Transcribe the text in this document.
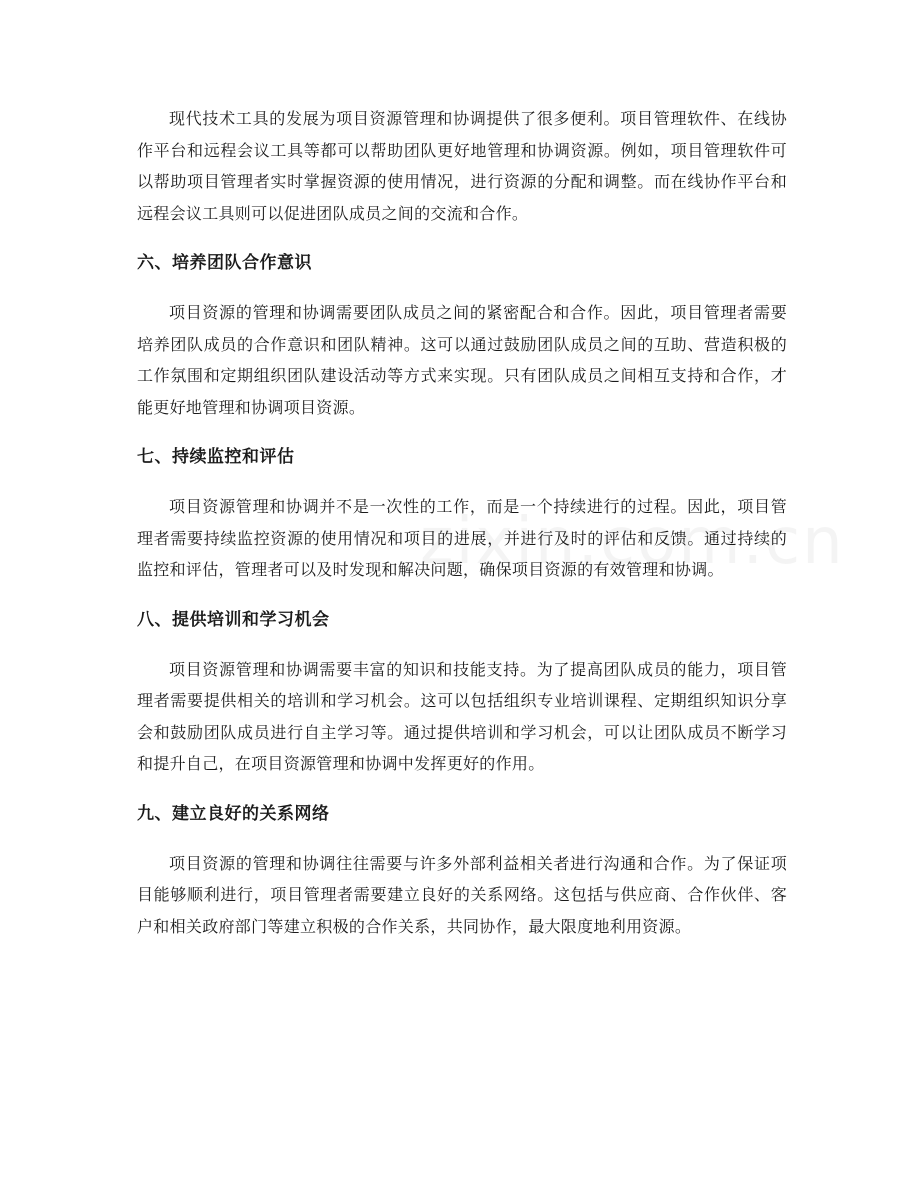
现代技术工具的发展为项目资源管理和协调提供了很多便利。项目管理软件、在线协作平台和远程会议工具等都可以帮助团队更好地管理和协调资源。例如，项目管理软件可以帮助项目管理者实时掌握资源的使用情况，进行资源的分配和调整。而在线协作平台和远程会议工具则可以促进团队成员之间的交流和合作。

六、培养团队合作意识

项目资源的管理和协调需要团队成员之间的紧密配合和合作。因此，项目管理者需要培养团队成员的合作意识和团队精神。这可以通过鼓励团队成员之间的互助、营造积极的工作氛围和定期组织团队建设活动等方式来实现。只有团队成员之间相互支持和合作，才能更好地管理和协调项目资源。

七、持续监控和评估

项目资源管理和协调并不是一次性的工作，而是一个持续进行的过程。因此，项目管理者需要持续监控资源的使用情况和项目的进展，并进行及时的评估和反馈。通过持续的监控和评估，管理者可以及时发现和解决问题，确保项目资源的有效管理和协调。

八、提供培训和学习机会

项目资源管理和协调需要丰富的知识和技能支持。为了提高团队成员的能力，项目管理者需要提供相关的培训和学习机会。这可以包括组织专业培训课程、定期组织知识分享会和鼓励团队成员进行自主学习等。通过提供培训和学习机会，可以让团队成员不断学习和提升自己，在项目资源管理和协调中发挥更好的作用。

九、建立良好的关系网络

项目资源的管理和协调往往需要与许多外部利益相关者进行沟通和合作。为了保证项目能够顺利进行，项目管理者需要建立良好的关系网络。这包括与供应商、合作伙伴、客户和相关政府部门等建立积极的合作关系，共同协作，最大限度地利用资源。
